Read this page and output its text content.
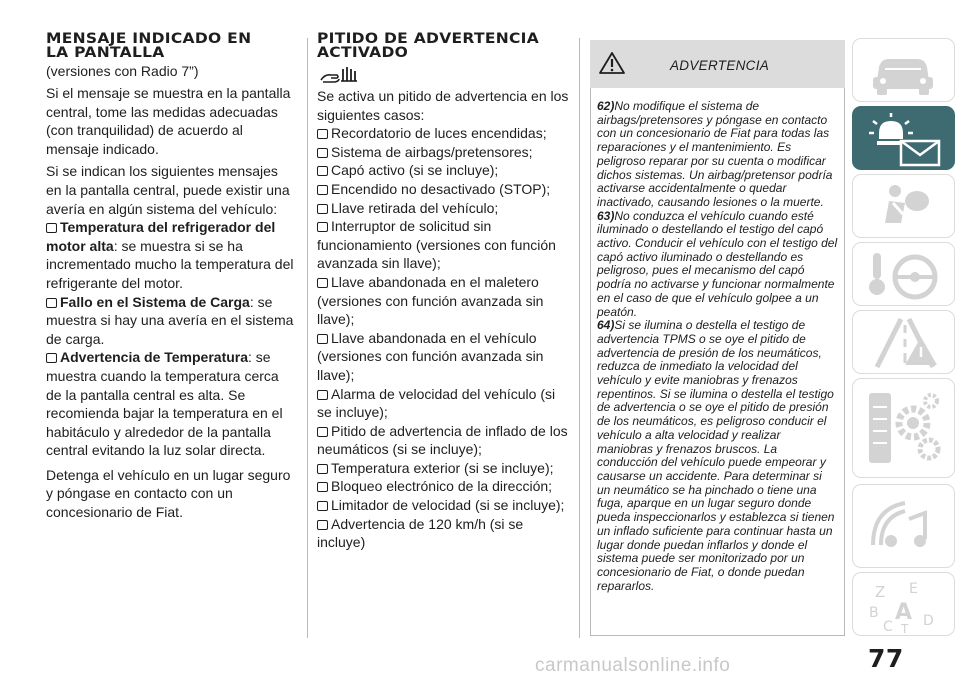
MENSAJE INDICADO EN
LA PANTALLA
(versiones con Radio 7”)

Si el mensaje se muestra en la pantalla central, tome las medidas adecuadas (con tranquilidad) de acuerdo al mensaje indicado.

Si se indican los siguientes mensajes en la pantalla central, puede existir una avería en algún sistema del vehículo:

Temperatura del refrigerador del motor alta: se muestra si se ha incrementado mucho la temperatura del refrigerante del motor.
Fallo en el Sistema de Carga: se muestra si hay una avería en el sistema de carga.
Advertencia de Temperatura: se muestra cuando la temperatura cerca de la pantalla central es alta. Se recomienda bajar la temperatura en el habitáculo y alrededor de la pantalla central evitando la luz solar directa.

Detenga el vehículo en un lugar seguro y póngase en contacto con un concesionario de Fiat.

PITIDO DE ADVERTENCIA
ACTIVADO

Se activa un pitido de advertencia en los siguientes casos:

Recordatorio de luces encendidas;
Sistema de airbags/pretensores;
Capó activo (si se incluye);
Encendido no desactivado (STOP);
Llave retirada del vehículo;
Interruptor de solicitud sin funcionamiento (versiones con función avanzada sin llave);
Llave abandonada en el maletero (versiones con función avanzada sin llave);
Llave abandonada en el vehículo (versiones con función avanzada sin llave);
Alarma de velocidad del vehículo (si se incluye);
Pitido de advertencia de inflado de los neumáticos (si se incluye);
Temperatura exterior (si se incluye);
Bloqueo electrónico de la dirección;
Limitador de velocidad (si se incluye);
Advertencia de 120 km/h (si se incluye)
ADVERTENCIA

62)No modifique el sistema de airbags/pretensores y póngase en contacto con un concesionario de Fiat para todas las reparaciones y el mantenimiento. Es peligroso reparar por su cuenta o modificar dichos sistemas. Un airbag/pretensor podría activarse accidentalmente o quedar inactivado, causando lesiones o la muerte.

63)No conduzca el vehículo cuando esté iluminado o destellando el testigo del capó activo. Conducir el vehículo con el testigo del capó activo iluminado o destellando es peligroso, pues el mecanismo del capó podría no activarse y funcionar normalmente en el caso de que el vehículo golpee a un peatón.

64)Si se ilumina o destella el testigo de advertencia TPMS o se oye el pitido de advertencia de presión de los neumáticos, reduzca de inmediato la velocidad del vehículo y evite maniobras y frenazos repentinos. Si se ilumina o destella el testigo de advertencia o se oye el pitido de presión de los neumáticos, es peligroso conducir el vehículo a alta velocidad y realizar maniobras y frenazos bruscos. La conducción del vehículo puede empeorar y causarse un accidente. Para determinar si un neumático se ha pinchado o tiene una fuga, aparque en un lugar seguro donde pueda inspeccionarlos y establezca si tienen un inflado suficiente para continuar hasta un lugar donde puedan inflarlos y donde el sistema puede ser monitorizado por un concesionario de Fiat, o donde puedan repararlos.	Z E
B A
C T D
77
carmanualsonline.info
